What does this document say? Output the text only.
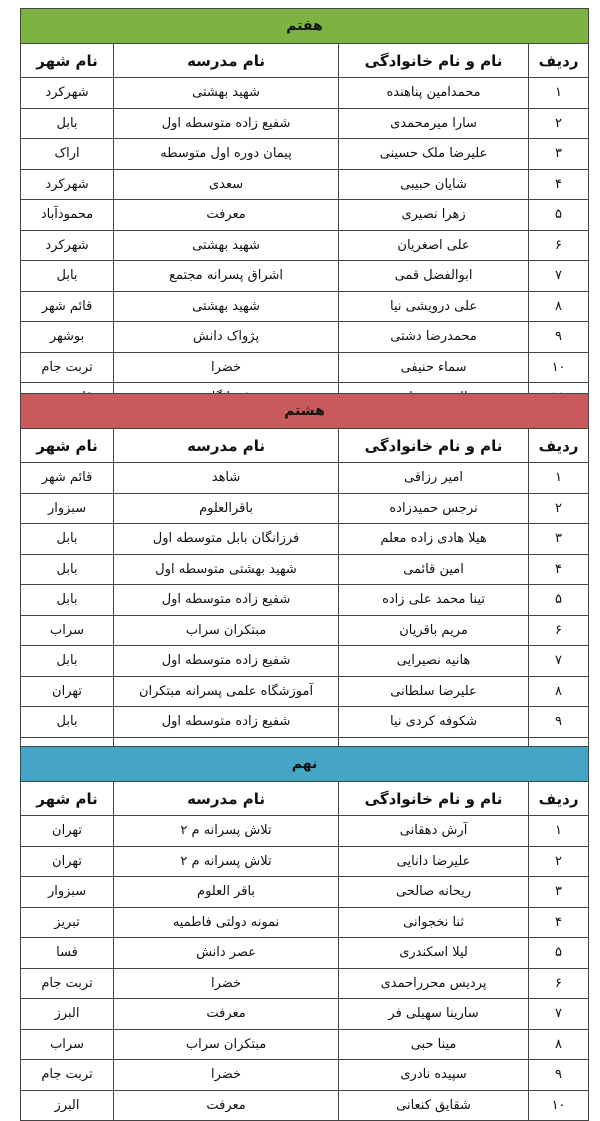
هفتم			
ردیف	نام و نام خانوادگی	نام مدرسه	نام شهر
۱	محمدامین پناهنده	شهید بهشتی	شهرکرد
۲	سارا میرمحمدی	شفیع زاده متوسطه اول	بابل
۳	علیرضا ملک حسینی	پیمان دوره اول متوسطه	اراک
۴	شایان حبیبی	سعدی	شهرکرد
۵	زهرا نصیری	معرفت	محمودآباد
۶	علی اصغریان	شهید بهشتی	شهرکرد
۷	ابوالفضل قمی	اشراق پسرانه مجتمع	بابل
۸	علی درویشی نیا	شهید بهشتی	قائم شهر
۹	محمدرضا دشتی	پژواک دانش	بوشهر
۱۰	سماء حنیفی	خضرا	تربت جام

هشتم			
ردیف	نام و نام خانوادگی	نام مدرسه	نام شهر
۱	امیر رزاقی	شاهد	قائم شهر
۲	نرجس حمیدزاده	باقرالعلوم	سبزوار
۳	هیلا هادی زاده معلم	فرزانگان بابل متوسطه اول	بابل
۴	امین قائمی	شهید بهشتی متوسطه اول	بابل
۵	تینا محمد علی زاده	شفیع زاده متوسطه اول	بابل
۶	مریم باقریان	مبتکران سراب	سراب
۷	هانیه نصیرایی	شفیع زاده متوسطه اول	بابل
۸	علیرضا سلطانی	آموزشگاه علمی پسرانه مبتکران	تهران
۹	شکوفه کردی نیا	شفیع زاده متوسطه اول	بابل

نهم			
ردیف	نام و نام خانوادگی	نام مدرسه	نام شهر
۱	آرش دهقانی	تلاش پسرانه م ۲	تهران
۲	علیرضا دانایی	تلاش پسرانه م ۲	تهران
۳	ریحانه صالحی	باقر العلوم	سبزوار
۴	ثنا نخجوانی	نمونه دولتی فاطمیه	تبریز
۵	لیلا اسکندری	عصر دانش	فسا
۶	پردیس محرراحمدی	خضرا	تربت جام
۷	سارینا سهیلی فر	معرفت	البرز
۸	مینا حبی	مبتکران سراب	سراب
۹	سپیده نادری	خضرا	تربت جام
۱۰	شقایق کنعانی	معرفت	البرز
